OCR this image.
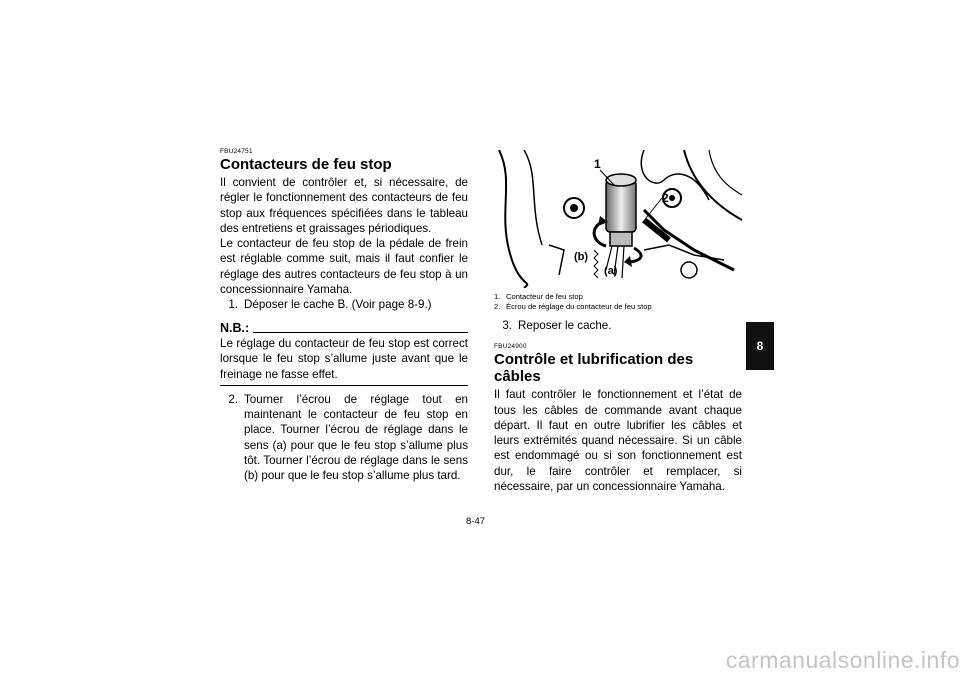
FBU24751
Contacteurs de feu stop

Il convient de contrôler et, si nécessaire, de régler le fonctionnement des contacteurs de feu stop aux fréquences spécifiées dans le tableau des entretiens et graissages périodiques.

Le contacteur de feu stop de la pédale de frein est réglable comme suit, mais il faut confier le réglage des autres contacteurs de feu stop à un concessionnaire Yamaha.

1. Déposer le cache B. (Voir page 8-9.)
N.B.:

Le réglage du contacteur de feu stop est correct lorsque le feu stop s’allume juste avant que le freinage ne fasse effet.

2. Tourner l’écrou de réglage tout en maintenant le contacteur de feu stop en place. Tourner l’écrou de réglage dans le sens (a) pour que le feu stop s’allume plus tôt. Tourner l’écrou de réglage dans le sens (b) pour que le feu stop s’allume plus tard.
1
2
(b)
(a)
1. Contacteur de feu stop
2. Écrou de réglage du contacteur de feu stop
3. Reposer le cache.
FBU24900
Contrôle et lubrification des câbles

Il faut contrôler le fonctionnement et l’état de tous les câbles de commande avant chaque départ. Il faut en outre lubrifier les câbles et leurs extrémités quand nécessaire. Si un câble est endommagé ou si son fonctionnement est dur, le faire contrôler et remplacer, si nécessaire, par un concessionnaire Yamaha.

8-47
8
carmanualsonline.info
